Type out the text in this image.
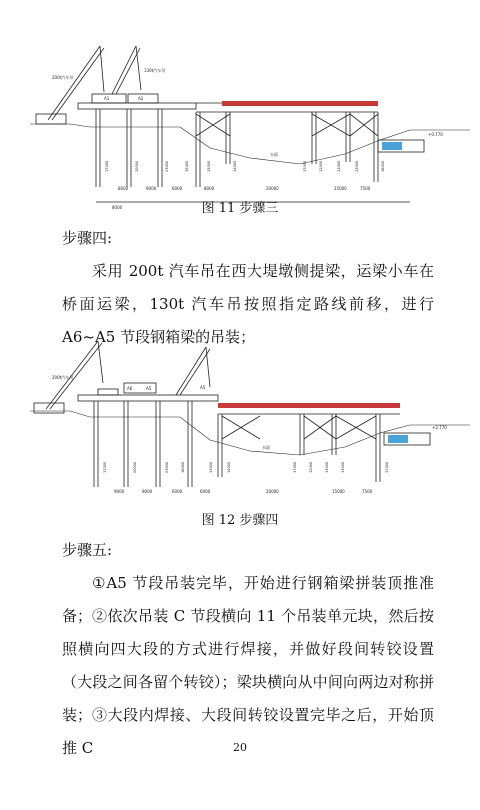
200t汽车吊
130t汽车吊
A1	A2
水面
+0.770
8000
8000	9000	6000	8000	20000	15000	7500
17000	20000	23000	15000	13000	14000	17000	12000	13000	13000	18000
图 11 步骤三
步骤四:
采用 200t 汽车吊在西大堤墩侧提梁，运梁小车在桥面运梁，130t 汽车吊按照指定路线前移，进行 A6~A5 节段钢箱梁的吊装；
200t汽车吊
A6	A5	A5
水面
+2.770
9000	9000	6000	6000	20000	15000	7500
17000	20000	23000	18000	13000	14000	17000	12000	13000	13000	17000
图 12 步骤四
步骤五:
①A5 节段吊装完毕，开始进行钢箱梁拼装顶推准备； ②依次吊装 C 节段横向 11 个吊装单元块，然后按照横向四大段的方式进行焊接，并做好段间转铰设置（大段之间各留个转铰）；梁块横向从中间向两边对称拼装； ③大段内焊接、大段间转铰设置完毕之后，开始顶推 C	20
